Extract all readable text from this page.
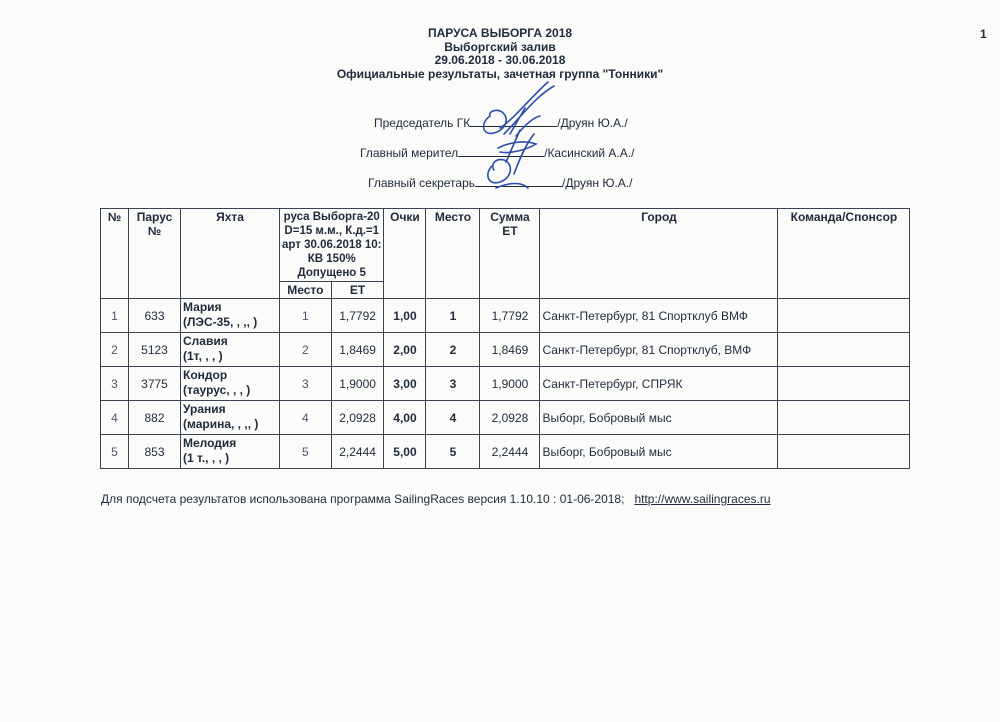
1
ПАРУСА ВЫБОРГА 2018
Выборгский залив
29.06.2018 - 30.06.2018
Официальные результаты, зачетная группа "Тонники"
Председатель ГК	/Друян Ю.А./
Главный мерител	/Касинский А.А./
Главный секретарь	/Друян Ю.А./
№	Парус №	Яхта	руса Выборга-20
D=15 м.м., К.д.=1
арт 30.06.2018 10:
КВ 150%
Допущено 5		Очки	Место	Сумма ET	Город	Команда/Спонсор
			Место	ET					
1	633	Мария
(ЛЭС-35, , ,, )	1	1,7792	1,00	1	1,7792	Санкт-Петербург, 81 Спортклуб ВМФ	
2	5123	Славия
(1т, , , )	2	1,8469	2,00	2	1,8469	Санкт-Петербург, 81 Спортклуб, ВМФ	
3	3775	Кондор
(таурус, , , )	3	1,9000	3,00	3	1,9000	Санкт-Петербург, СПРЯК	
4	882	Урания
(марина, , ,, )	4	2,0928	4,00	4	2,0928	Выборг, Бобровый мыс	
5	853	Мелодия
(1 т., , , )	5	2,2444	5,00	5	2,2444	Выборг, Бобровый мыс	
Для подсчета результатов использована программа SailingRaces версия 1.10.10 : 01-06-2018; http://www.sailingraces.ru
